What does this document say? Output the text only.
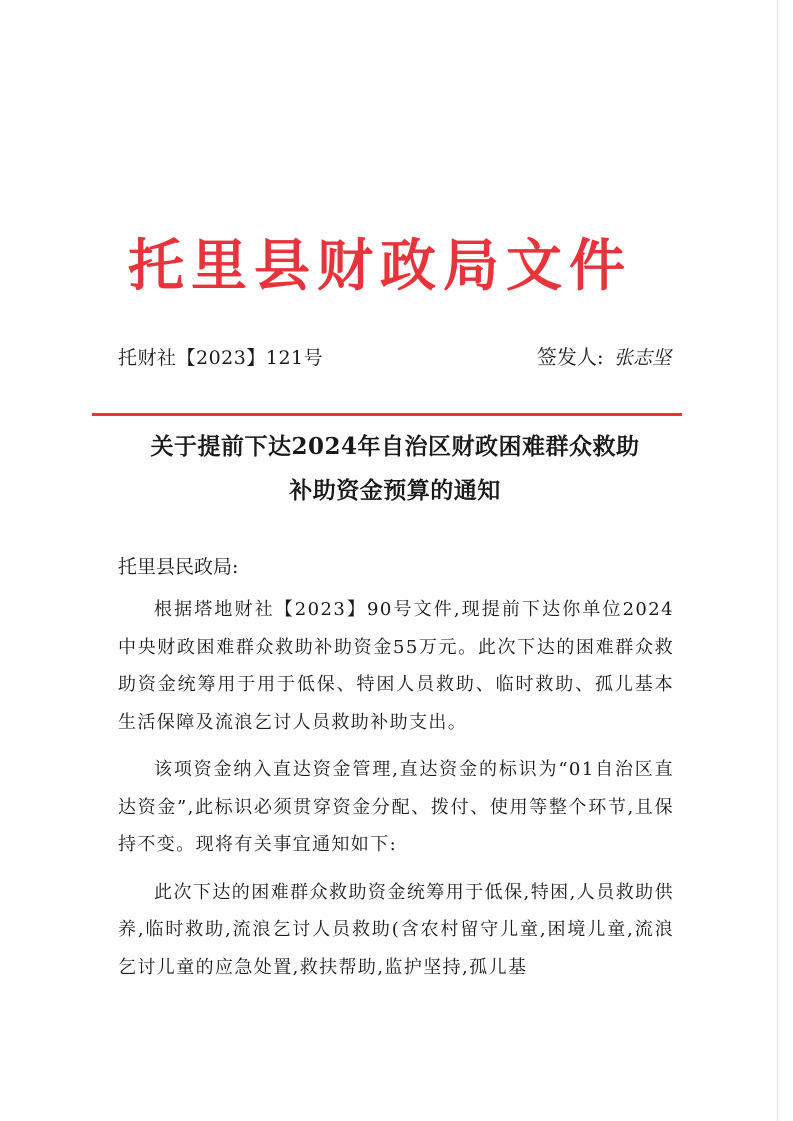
托里县财政局文件
托财社【2023】121号	签发人: 张志坚
关于提前下达2024年自治区财政困难群众救助
补助资金预算的通知
托里县民政局:

根据塔地财社【2023】90号文件,现提前下达你单位2024中央财政困难群众救助补助资金55万元。此次下达的困难群众救助资金统筹用于用于低保、特困人员救助、临时救助、孤儿基本生活保障及流浪乞讨人员救助补助支出。

该项资金纳入直达资金管理,直达资金的标识为“01自治区直达资金”,此标识必须贯穿资金分配、拨付、使用等整个环节,且保持不变。现将有关事宜通知如下:

此次下达的困难群众救助资金统筹用于低保,特困,人员救助供养,临时救助,流浪乞讨人员救助(含农村留守儿童,困境儿童,流浪乞讨儿童的应急处置,救扶帮助,监护坚持,孤儿基
